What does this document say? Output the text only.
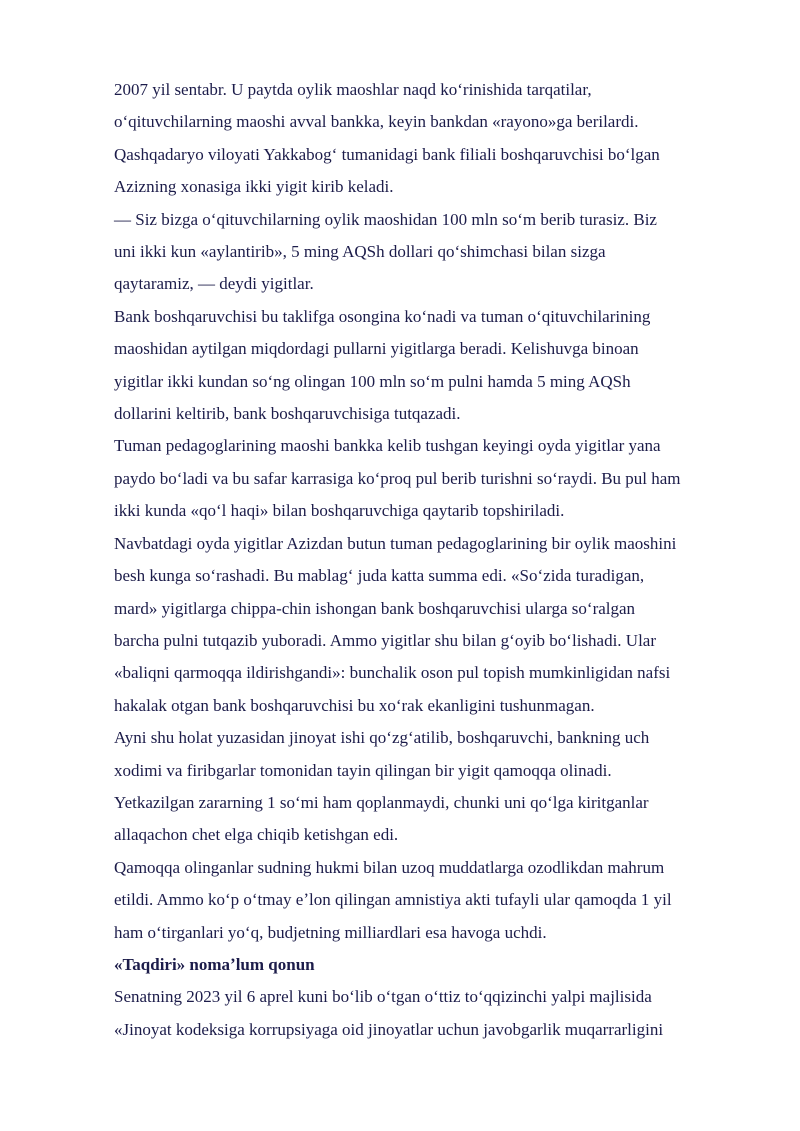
2007 yil sentabr. U paytda oylik maoshlar naqd koʻrinishida tarqatilar,
oʻqituvchilarning maoshi avval bankka, keyin bankdan «rayono»ga berilardi.
Qashqadaryo viloyati Yakkabogʻ tumanidagi bank filiali boshqaruvchisi boʻlgan
Azizning xonasiga ikki yigit kirib keladi.
— Siz bizga oʻqituvchilarning oylik maoshidan 100 mln soʻm berib turasiz. Biz
uni ikki kun «aylantirib», 5 ming AQSh dollari qoʻshimchasi bilan sizga
qaytaramiz, — deydi yigitlar.
Bank boshqaruvchisi bu taklifga osongina koʻnadi va tuman oʻqituvchilarining
maoshidan aytilgan miqdordagi pullarni yigitlarga beradi. Kelishuvga binoan
yigitlar ikki kundan soʻng olingan 100 mln soʻm pulni hamda 5 ming AQSh
dollarini keltirib, bank boshqaruvchisiga tutqazadi.
Tuman pedagoglarining maoshi bankka kelib tushgan keyingi oyda yigitlar yana
paydo boʻladi va bu safar karrasiga koʻproq pul berib turishni soʻraydi. Bu pul ham
ikki kunda «qoʻl haqi» bilan boshqaruvchiga qaytarib topshiriladi.
Navbatdagi oyda yigitlar Azizdan butun tuman pedagoglarining bir oylik maoshini
besh kunga soʻrashadi. Bu mablagʻ juda katta summa edi. «Soʻzida turadigan,
mard» yigitlarga chippa-chin ishongan bank boshqaruvchisi ularga soʻralgan
barcha pulni tutqazib yuboradi. Ammo yigitlar shu bilan gʻoyib boʻlishadi. Ular
«baliqni qarmoqqa ildirishgandi»: bunchalik oson pul topish mumkinligidan nafsi
hakalak otgan bank boshqaruvchisi bu xoʻrak ekanligini tushunmagan.
Ayni shu holat yuzasidan jinoyat ishi qoʻzgʻatilib, boshqaruvchi, bankning uch
xodimi va firibgarlar tomonidan tayin qilingan bir yigit qamoqqa olinadi.
Yetkazilgan zararning 1 soʻmi ham qoplanmaydi, chunki uni qoʻlga kiritganlar
allaqachon chet elga chiqib ketishgan edi.
Qamoqqa olinganlar sudning hukmi bilan uzoq muddatlarga ozodlikdan mahrum
etildi. Ammo koʻp oʻtmay eʼlon qilingan amnistiya akti tufayli ular qamoqda 1 yil
ham oʻtirganlari yoʻq, budjetning milliardlari esa havoga uchdi.
«Taqdiri» nomaʼlum qonun
Senatning 2023 yil 6 aprel kuni boʻlib oʻtgan oʻttiz toʻqqizinchi yalpi majlisida
«Jinoyat kodeksiga korrupsiyaga oid jinoyatlar uchun javobgarlik muqarrarligini
